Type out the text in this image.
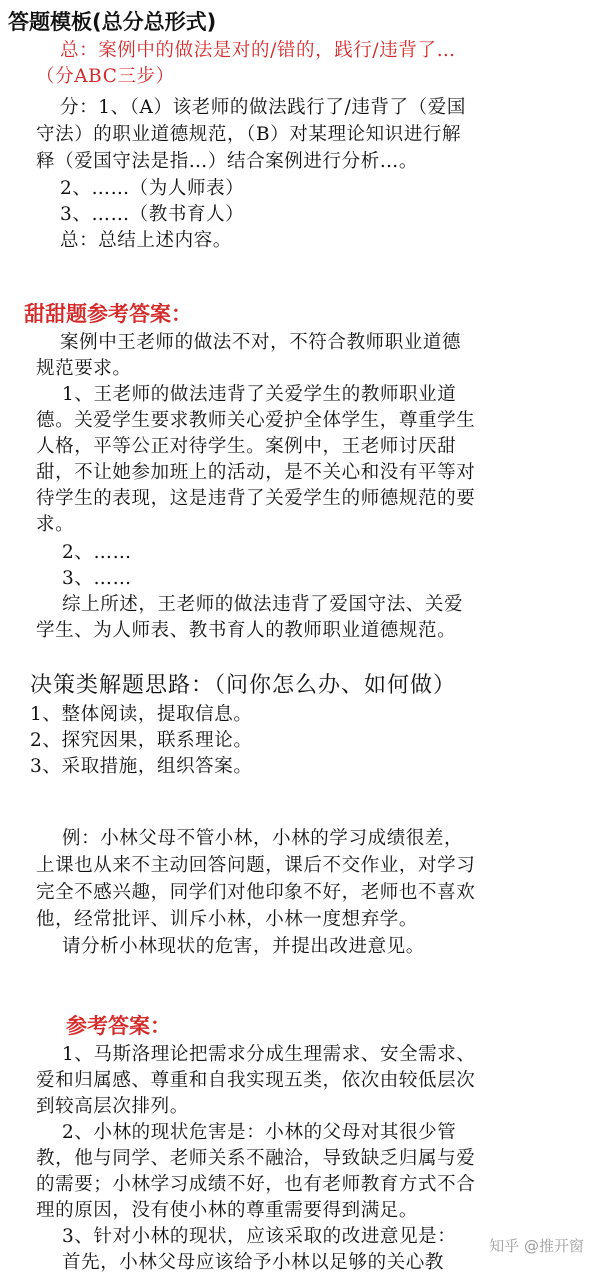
答题模板(总分总形式)
总：案例中的做法是对的/错的，践行/违背了…
（分ABC三步）
分：1、（A）该老师的做法践行了/违背了（爱国
守法）的职业道德规范，（B）对某理论知识进行解
释（爱国守法是指…）结合案例进行分析…。
2、……（为人师表）
3、……（教书育人）
总：总结上述内容。
甜甜题参考答案：
案例中王老师的做法不对，不符合教师职业道德
规范要求。
1、王老师的做法违背了关爱学生的教师职业道
德。关爱学生要求教师关心爱护全体学生，尊重学生
人格，平等公正对待学生。案例中，王老师讨厌甜
甜，不让她参加班上的活动，是不关心和没有平等对
待学生的表现，这是违背了关爱学生的师德规范的要
求。
2、……
3、……
综上所述，王老师的做法违背了爱国守法、关爱
学生、为人师表、教书育人的教师职业道德规范。
决策类解题思路：（问你怎么办、如何做）
1、整体阅读，提取信息。
2、探究因果，联系理论。
3、采取措施，组织答案。
例：小林父母不管小林，小林的学习成绩很差，
上课也从来不主动回答问题，课后不交作业，对学习
完全不感兴趣，同学们对他印象不好，老师也不喜欢
他，经常批评、训斥小林，小林一度想弃学。
请分析小林现状的危害，并提出改进意见。
参考答案：
1、马斯洛理论把需求分成生理需求、安全需求、
爱和归属感、尊重和自我实现五类，依次由较低层次
到较高层次排列。
2、小林的现状危害是：小林的父母对其很少管
教，他与同学、老师关系不融洽，导致缺乏归属与爱
的需要；小林学习成绩不好，也有老师教育方式不合
理的原因，没有使小林的尊重需要得到满足。
3、针对小林的现状，应该采取的改进意见是：
首先，小林父母应该给予小林以足够的关心教
知乎 @推开窗
